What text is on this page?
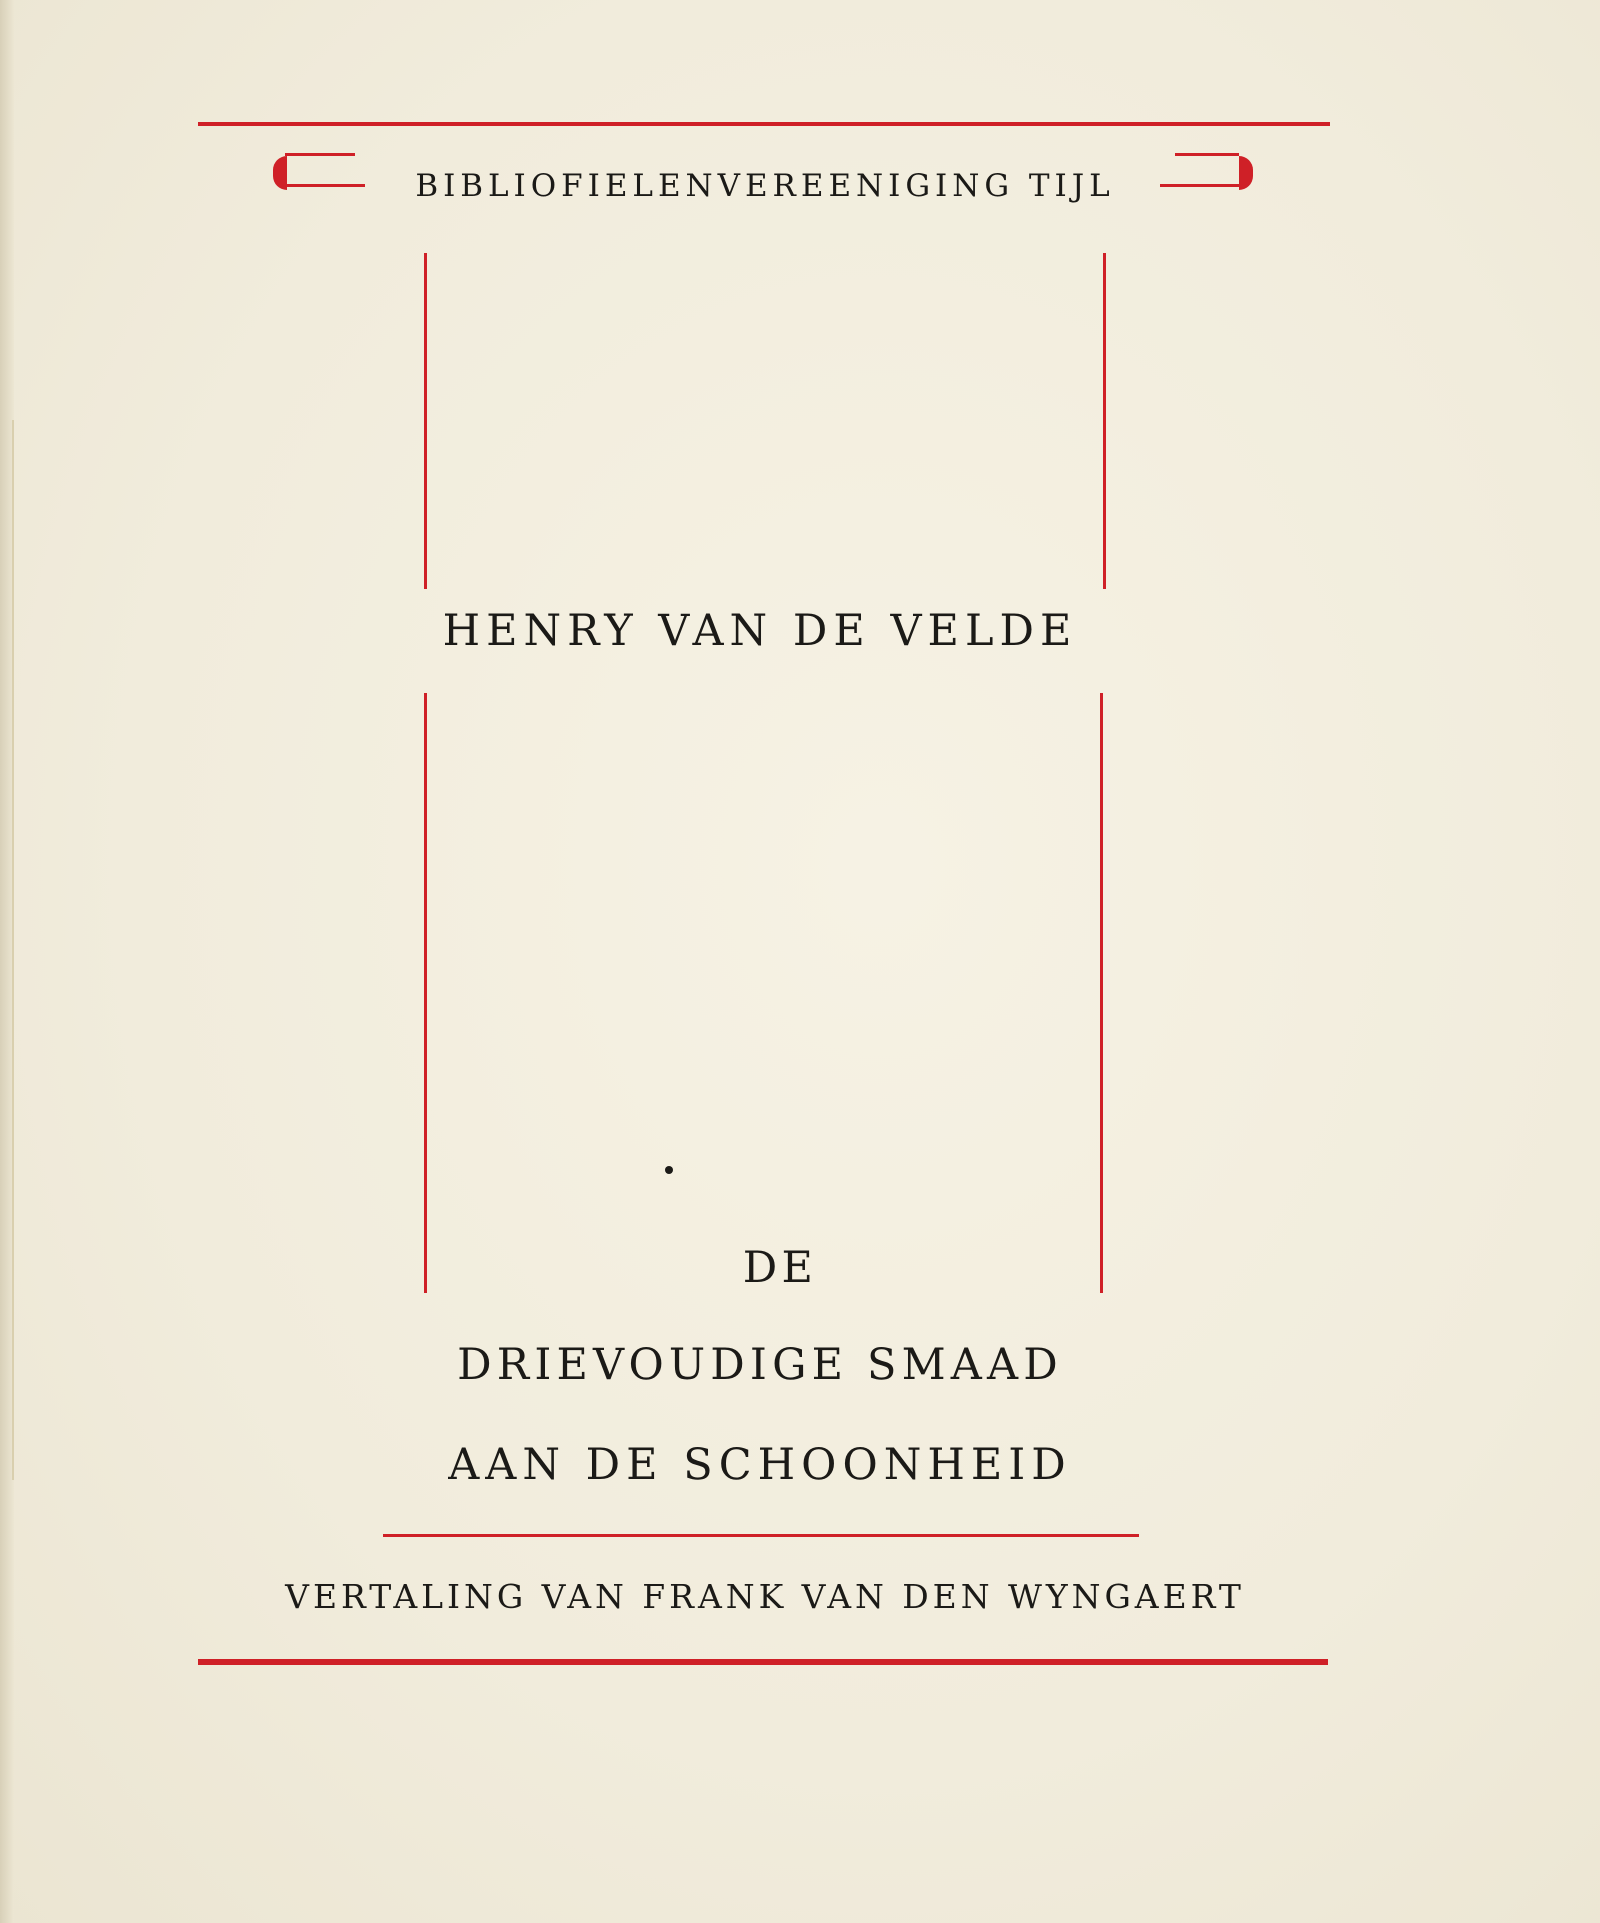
BIBLIOFIELENVEREENIGING TIJL
HENRY VAN DE VELDE
DE
DRIEVOUDIGE SMAAD
AAN DE SCHOONHEID
VERTALING VAN FRANK VAN DEN WYNGAERT
